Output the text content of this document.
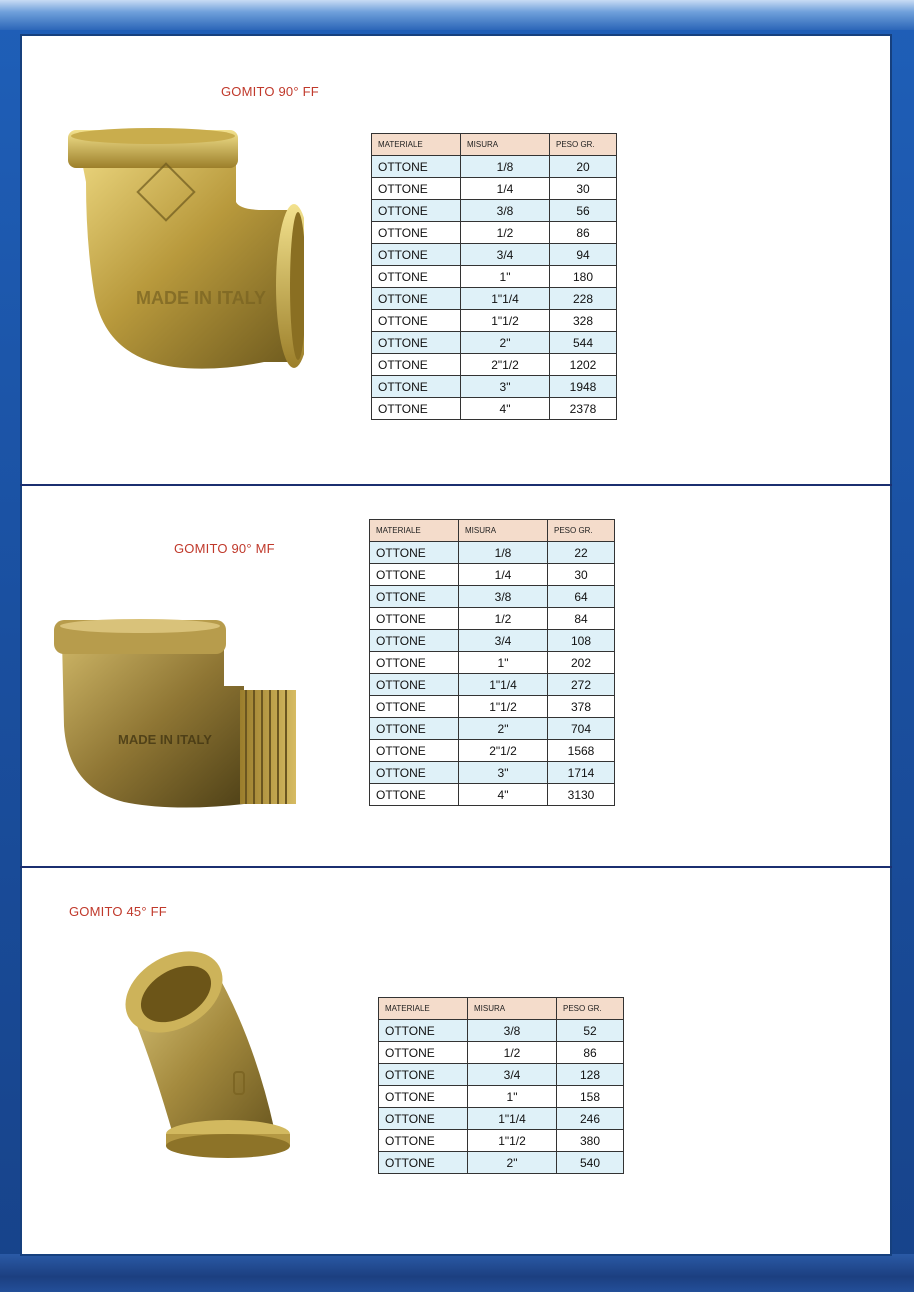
GOMITO 90° FF
MADE IN ITALY
MATERIALE	MISURA	PESO GR.
OTTONE	1/8	20
OTTONE	1/4	30
OTTONE	3/8	56
OTTONE	1/2	86
OTTONE	3/4	94
OTTONE	1"	180
OTTONE	1"1/4	228
OTTONE	1"1/2	328
OTTONE	2"	544
OTTONE	2"1/2	1202
OTTONE	3"	1948
OTTONE	4"	2378
GOMITO 90° MF
MADE IN ITALY
MATERIALE	MISURA	PESO GR.
OTTONE	1/8	22
OTTONE	1/4	30
OTTONE	3/8	64
OTTONE	1/2	84
OTTONE	3/4	108
OTTONE	1"	202
OTTONE	1"1/4	272
OTTONE	1"1/2	378
OTTONE	2"	704
OTTONE	2"1/2	1568
OTTONE	3"	1714
OTTONE	4"	3130
GOMITO 45° FF
MATERIALE	MISURA	PESO GR.
OTTONE	3/8	52
OTTONE	1/2	86
OTTONE	3/4	128
OTTONE	1"	158
OTTONE	1"1/4	246
OTTONE	1"1/2	380
OTTONE	2"	540
